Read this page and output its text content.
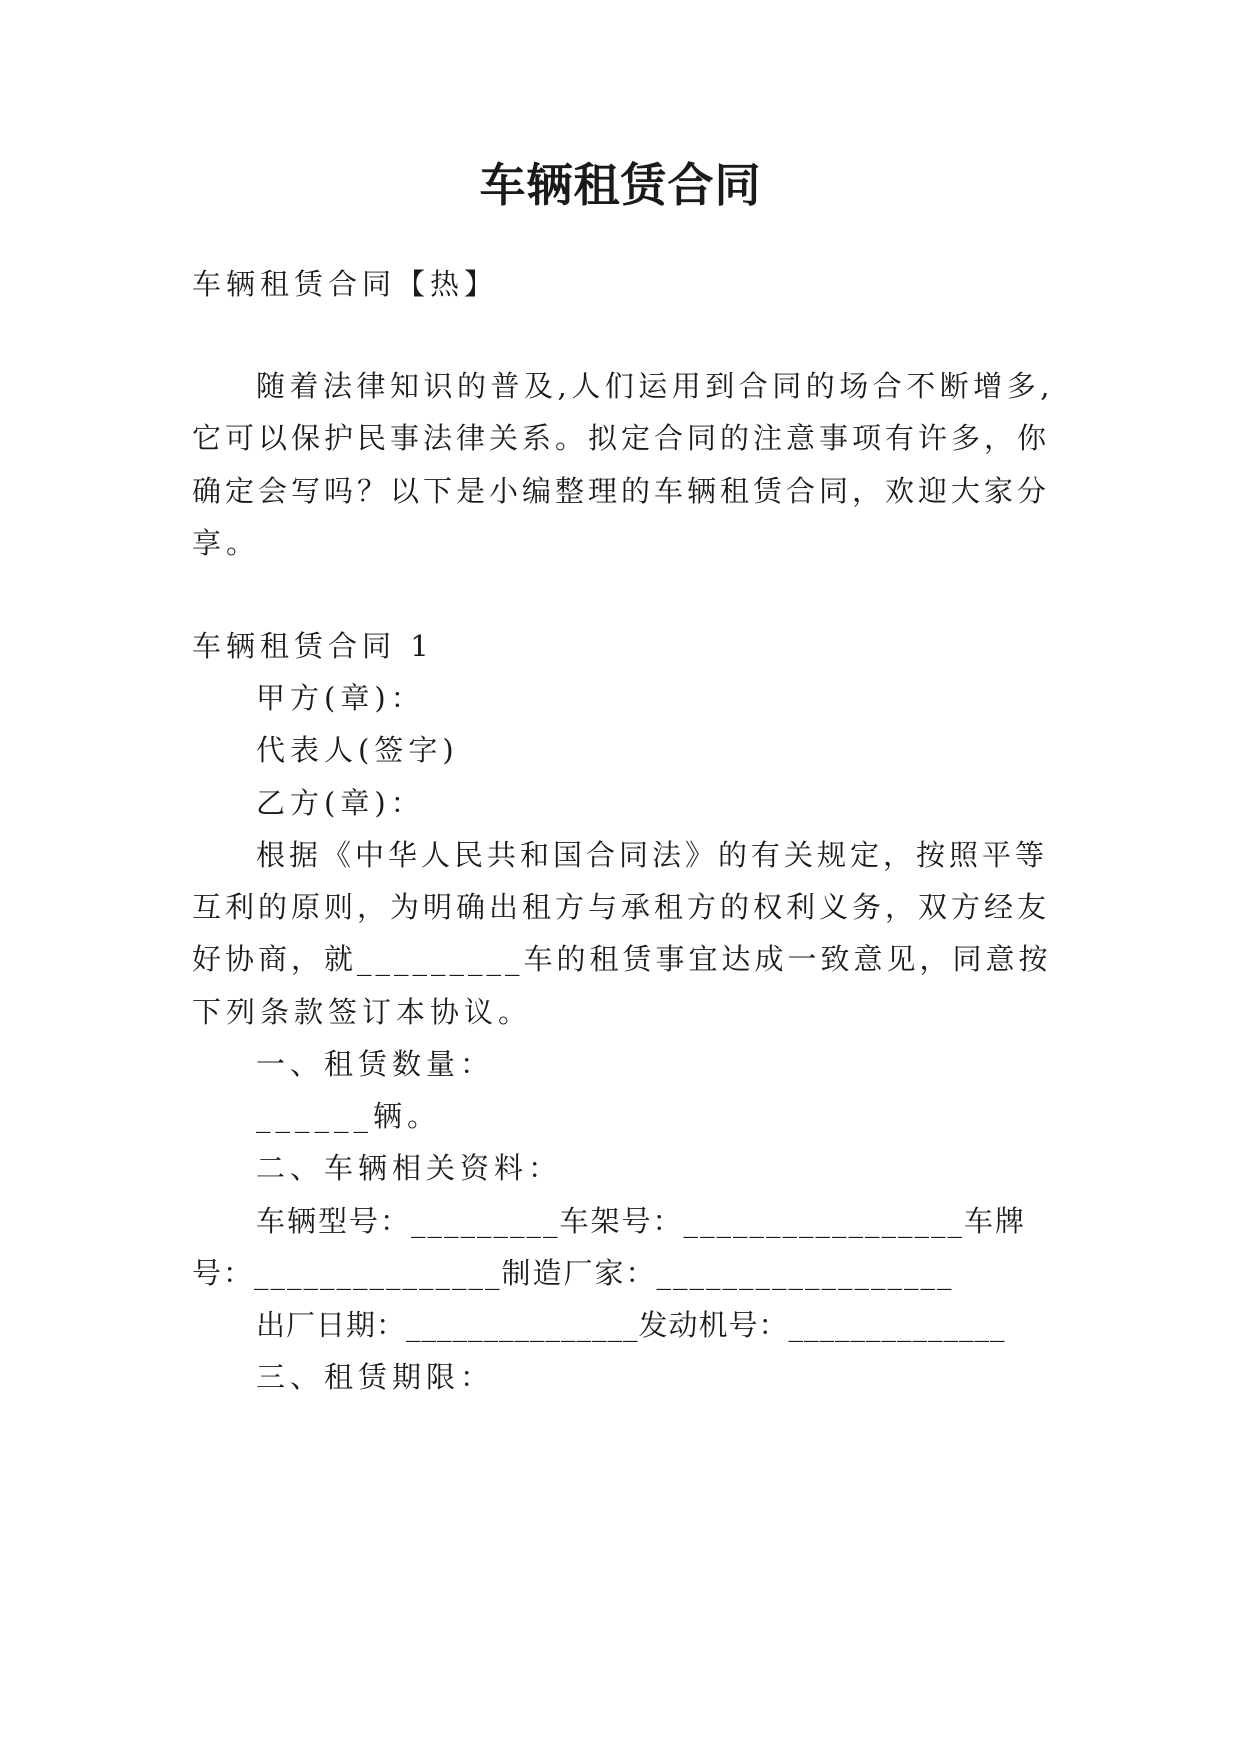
车辆租赁合同
车辆租赁合同【热】
随着法律知识的普及,人们运用到合同的场合不断增多,
它可以保护民事法律关系。拟定合同的注意事项有许多，你
确定会写吗？以下是小编整理的车辆租赁合同，欢迎大家分
享。
车辆租赁合同 1
甲方(章)：
代表人(签字)
乙方(章)：
根据《中华人民共和国合同法》的有关规定，按照平等
互利的原则，为明确出租方与承租方的权利义务，双方经友
好协商，就_________车的租赁事宜达成一致意见，同意按
下列条款签订本协议。
一、租赁数量：
______辆。
二、车辆相关资料：
车辆型号：_________车架号：_________________车牌
号：_______________制造厂家：__________________
出厂日期：_______________发动机号：______________
三、租赁期限：
